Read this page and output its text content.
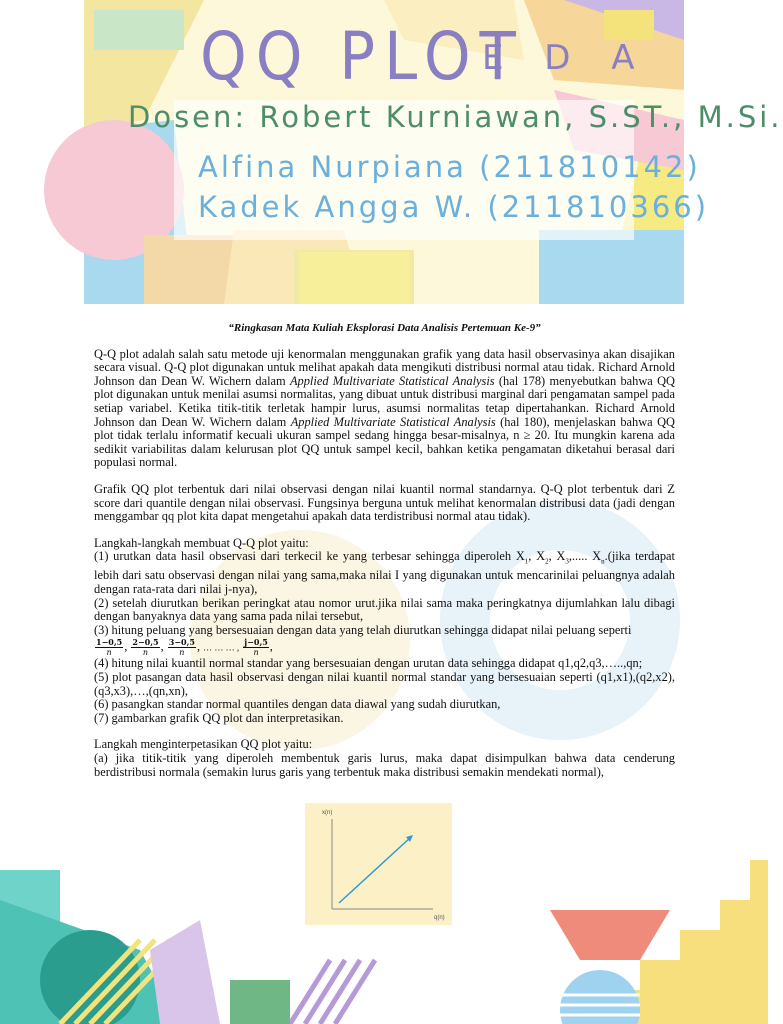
QQ PLOT
E D A
Dosen: Robert Kurniawan, S.ST., M.Si.
Alfina Nurpiana (211810142)
Kadek Angga W. (211810366)

“Ringkasan Mata Kuliah Eksplorasi Data Analisis Pertemuan Ke-9”

Q-Q plot adalah salah satu metode uji kenormalan menggunakan grafik yang data hasil observasinya akan disajikan secara visual. Q-Q plot digunakan untuk melihat apakah data mengikuti distribusi normal atau tidak. Richard Arnold Johnson dan Dean W. Wichern dalam Applied Multivariate Statistical Analysis (hal 178) menyebutkan bahwa QQ plot digunakan untuk menilai asumsi normalitas, yang dibuat untuk distribusi marginal dari pengamatan sampel pada setiap variabel. Ketika titik-titik terletak hampir lurus, asumsi normalitas tetap dipertahankan. Richard Arnold Johnson dan Dean W. Wichern dalam Applied Multivariate Statistical Analysis (hal 180), menjelaskan bahwa QQ plot tidak terlalu informatif kecuali ukuran sampel sedang hingga besar-misalnya, n ≥ 20. Itu mungkin karena ada sedikit variabilitas dalam kelurusan plot QQ untuk sampel kecil, bahkan ketika pengamatan diketahui berasal dari populasi normal.

Grafik QQ plot terbentuk dari nilai observasi dengan nilai kuantil normal standarnya. Q-Q plot terbentuk dari Z score dari quantile dengan nilai observasi. Fungsinya berguna untuk melihat kenormalan distribusi data (jadi dengan menggambar qq plot kita dapat mengetahui apakah data terdistribusi normal atau tidak).

Langkah-langkah membuat Q-Q plot yaitu:

(1) urutkan data hasil observasi dari terkecil ke yang terbesar sehingga diperoleh $X_1$, $X_2$, $X_3$,..... $X_n.(jika$ terdapat lebih dari satu observasi dengan nilai yang sama,maka nilai I yang digunakan untuk mencarinilai peluangnya adalah dengan rata-rata dari nilai j-nya),

(2) setelah diurutkan berikan peringkat atau nomor urut.jika nilai sama maka peringkatnya dijumlahkan lalu dibagi dengan banyaknya data yang sama pada nilai tersebut,

(3) hitung peluang yang bersesuaian dengan data yang telah diurutkan sehingga didapat nilai peluang seperti

$\frac{1-0,5}{n}$ , $\frac{2-0,5}{n}$ , $\frac{3-0,5}{n}$ , … … … , $\frac{j-0,5}{n}$ ,

(4) hitung nilai kuantil normal standar yang bersesuaian dengan urutan data sehingga didapat q1,q2,q3,…..,qn;

(5) plot pasangan data hasil observasi dengan nilai kuantil normal standar yang bersesuaian seperti (q1,x1),(q2,x2),(q3,x3),…,(qn,xn),

(6) pasangkan standar normal quantiles dengan data diawal yang sudah diurutkan,

(7) gambarkan grafik QQ plot dan interpretasikan.

Langkah menginterpetasikan QQ plot yaitu:

(a) jika titik-titik yang diperoleh membentuk garis lurus, maka dapat disimpulkan bahwa data cenderung berdistribusi normala (semakin lurus garis yang terbentuk maka distribusi semakin mendekati normal),

x(n)
q(n)
